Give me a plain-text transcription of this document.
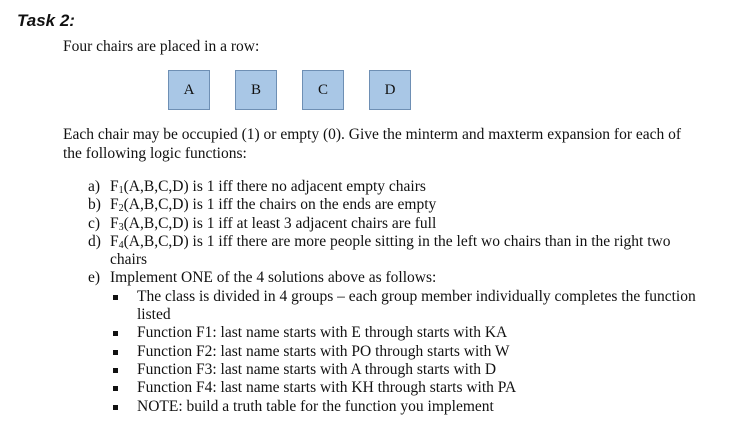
Task 2:
Four chairs are placed in a row:
A	B	C	D
Each chair may be occupied (1) or empty (0). Give the minterm and maxterm expansion for each of the following logic functions:
a) $F_1(A,B,C,D)$ is 1 iff there no adjacent empty chairs
b) $F_2(A,B,C,D)$ is 1 iff the chairs on the ends are empty
c) $F_3(A,B,C,D)$ is 1 iff at least 3 adjacent chairs are full
d) $F_4(A,B,C,D)$ is 1 iff there are more people sitting in the left wo chairs than in the right two chairs
e) Implement ONE of the 4 solutions above as follows:
The class is divided in 4 groups – each group member individually completes the function listed
Function F1: last name starts with E through starts with KA
Function F2: last name starts with PO through starts with W
Function F3: last name starts with A through starts with D
Function F4: last name starts with KH through starts with PA
NOTE: build a truth table for the function you implement
